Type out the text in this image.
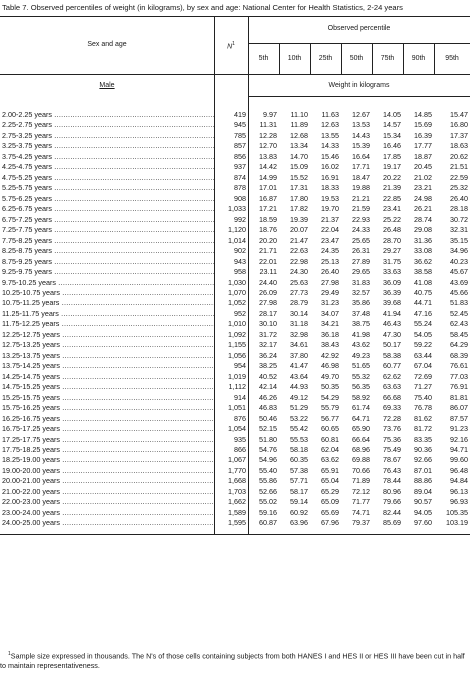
Table 7. Observed percentiles of weight (in kilograms), by sex and age: National Center for Health Statistics, 2-24 years
Sex and age	$N^1$
Observed percentile
5th	10th	25th	50th	75th	90th	95th
Male	Weight in kilograms
2.00-2.25 years .....	419	9.97	11.10	11.63	12.67	14.05	14.85	15.47
2.25-2.75 years .....	945	11.31	11.89	12.63	13.53	14.57	15.69	16.80
2.75-3.25 years .....	785	12.28	12.68	13.55	14.43	15.34	16.39	17.37
3.25-3.75 years .....	857	12.70	13.34	14.33	15.39	16.46	17.77	18.63
3.75-4.25 years .....	856	13.83	14.70	15.46	16.64	17.85	18.87	20.62
4.25-4.75 years .....	937	14.42	15.09	16.02	17.71	19.17	20.45	21.51
4.75-5.25 years .....	874	14.99	15.52	16.91	18.47	20.22	21.02	22.59
5.25-5.75 years .....	878	17.01	17.31	18.33	19.88	21.39	23.21	25.32
5.75-6.25 years .....	908	16.87	17.80	19.53	21.21	22.85	24.98	26.40
6.25-6.75 years .....	1,033	17.21	17.82	19.70	21.59	23.41	26.21	28.18
6.75-7.25 years .....	992	18.59	19.39	21.37	22.93	25.22	28.74	30.72
7.25-7.75 years .....	1,120	18.76	20.07	22.04	24.33	26.48	29.08	32.31
7.75-8.25 years .....	1,014	20.20	21.47	23.47	25.65	28.70	31.36	35.15
8.25-8.75 years .....	902	21.71	22.63	24.35	26.31	29.27	33.08	34.96
8.75-9.25 years .....	943	22.01	22.98	25.13	27.89	31.75	36.62	40.23
9.25-9.75 years .....	958	23.11	24.30	26.40	29.65	33.63	38.58	45.67
9.75-10.25 years .....	1,030	24.40	25.63	27.98	31.83	36.09	41.08	43.69
10.25-10.75 years .....	1,070	26.09	27.73	29.49	32.57	36.39	40.75	45.66
10.75-11.25 years .....	1,052	27.98	28.79	31.23	35.86	39.68	44.71	51.83
11.25-11.75 years .....	952	28.17	30.14	34.07	37.48	41.94	47.16	52.45
11.75-12.25 years .....	1,010	30.10	31.18	34.21	38.75	46.43	55.24	62.43
12.25-12.75 years .....	1,092	31.72	32.98	36.18	41.98	47.30	54.05	58.45
12.75-13.25 years .....	1,155	32.17	34.61	38.43	43.62	50.17	59.22	64.29
13.25-13.75 years .....	1,056	36.24	37.80	42.92	49.23	58.38	63.44	68.39
13.75-14.25 years .....	954	38.25	41.47	46.98	51.65	60.77	67.04	76.61
14.25-14.75 years .....	1,019	40.52	43.64	49.70	55.32	62.62	72.69	77.03
14.75-15.25 years .....	1,112	42.14	44.93	50.35	56.35	63.63	71.27	76.91
15.25-15.75 years .....	914	46.26	49.12	54.29	58.92	66.68	75.40	81.81
15.75-16.25 years .....	1,051	46.83	51.29	55.79	61.74	69.33	76.78	86.07
16.25-16.75 years .....	876	50.46	53.22	56.77	64.71	72.28	81.62	87.57
16.75-17.25 years .....	1,054	52.15	55.42	60.65	65.90	73.76	81.72	91.23
17.25-17.75 years .....	935	51.80	55.53	60.81	66.64	75.36	83.35	92.16
17.75-18.25 years .....	866	54.76	58.18	62.04	68.96	75.49	90.36	94.71
18.25-19.00 years .....	1,067	54.96	60.35	63.62	69.88	78.67	92.66	99.60
19.00-20.00 years .....	1,770	55.40	57.38	65.91	70.66	76.43	87.01	96.48
20.00-21.00 years .....	1,668	55.86	57.71	65.04	71.89	78.44	88.86	94.84
21.00-22.00 years .....	1,703	52.66	58.17	65.29	72.12	80.96	89.04	96.13
22.00-23.00 years .....	1,662	55.02	59.14	65.09	71.77	79.66	90.57	96.93
23.00-24.00 years .....	1,589	59.16	60.92	65.69	74.71	82.44	94.05	105.35
24.00-25.00 years .....	1,595	60.87	63.96	67.96	79.37	85.69	97.60	103.19
$^1$Sample size expressed in thousands. The N's of those cells containing subjects from both HANES I and HES II or HES III have been cut in half to maintain representativeness.
